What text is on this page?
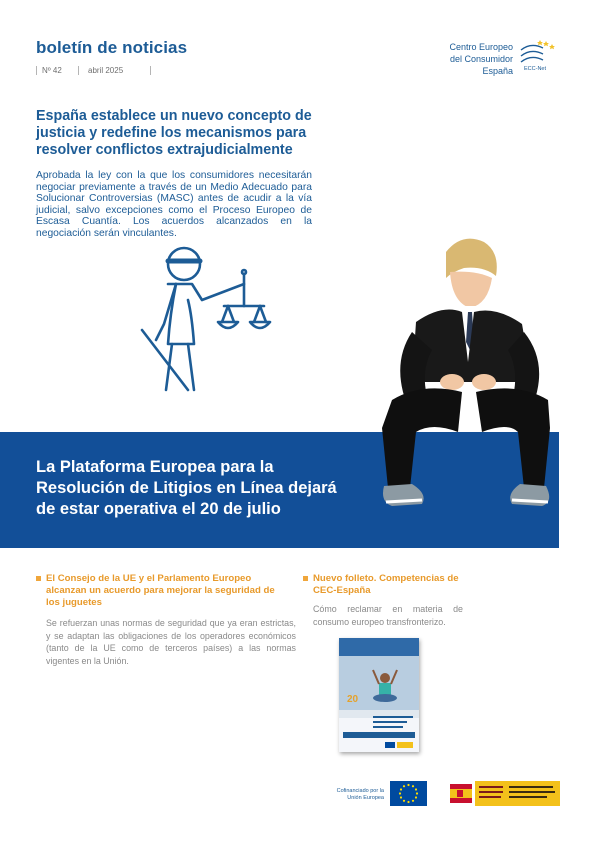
boletín de noticias
Nº 42	abril 2025
Centro Europeo
del Consumidor
España ECC-Net
España establece un nuevo concepto de justicia y redefine los mecanismos para resolver conflictos extrajudicialmente
Aprobada la ley con la que los consumidores necesitarán negociar previamente a través de un Medio Adecuado para Solucionar Controversias (MASC) antes de acudir a la vía judicial, salvo excepciones como el Proceso Europeo de Escasa Cuantía. Los acuerdos alcanzados en la negociación serán vinculantes.
La Plataforma Europea para la Resolución de Litigios en Línea dejará de estar operativa el 20 de julio
El Consejo de la UE y el Parlamento Europeo alcanzan un acuerdo para mejorar la seguridad de los juguetes
Se refuerzan unas normas de seguridad que ya eran estrictas, y se adaptan las obligaciones de los operadores económicos (tanto de la UE como de terceros países) a las normas vigentes en la Unión.
Nuevo folleto. Competencias de CEC-España
Cómo reclamar en materia de consumo europeo transfronterizo.
20
Cofinanciado por la Unión Europea
